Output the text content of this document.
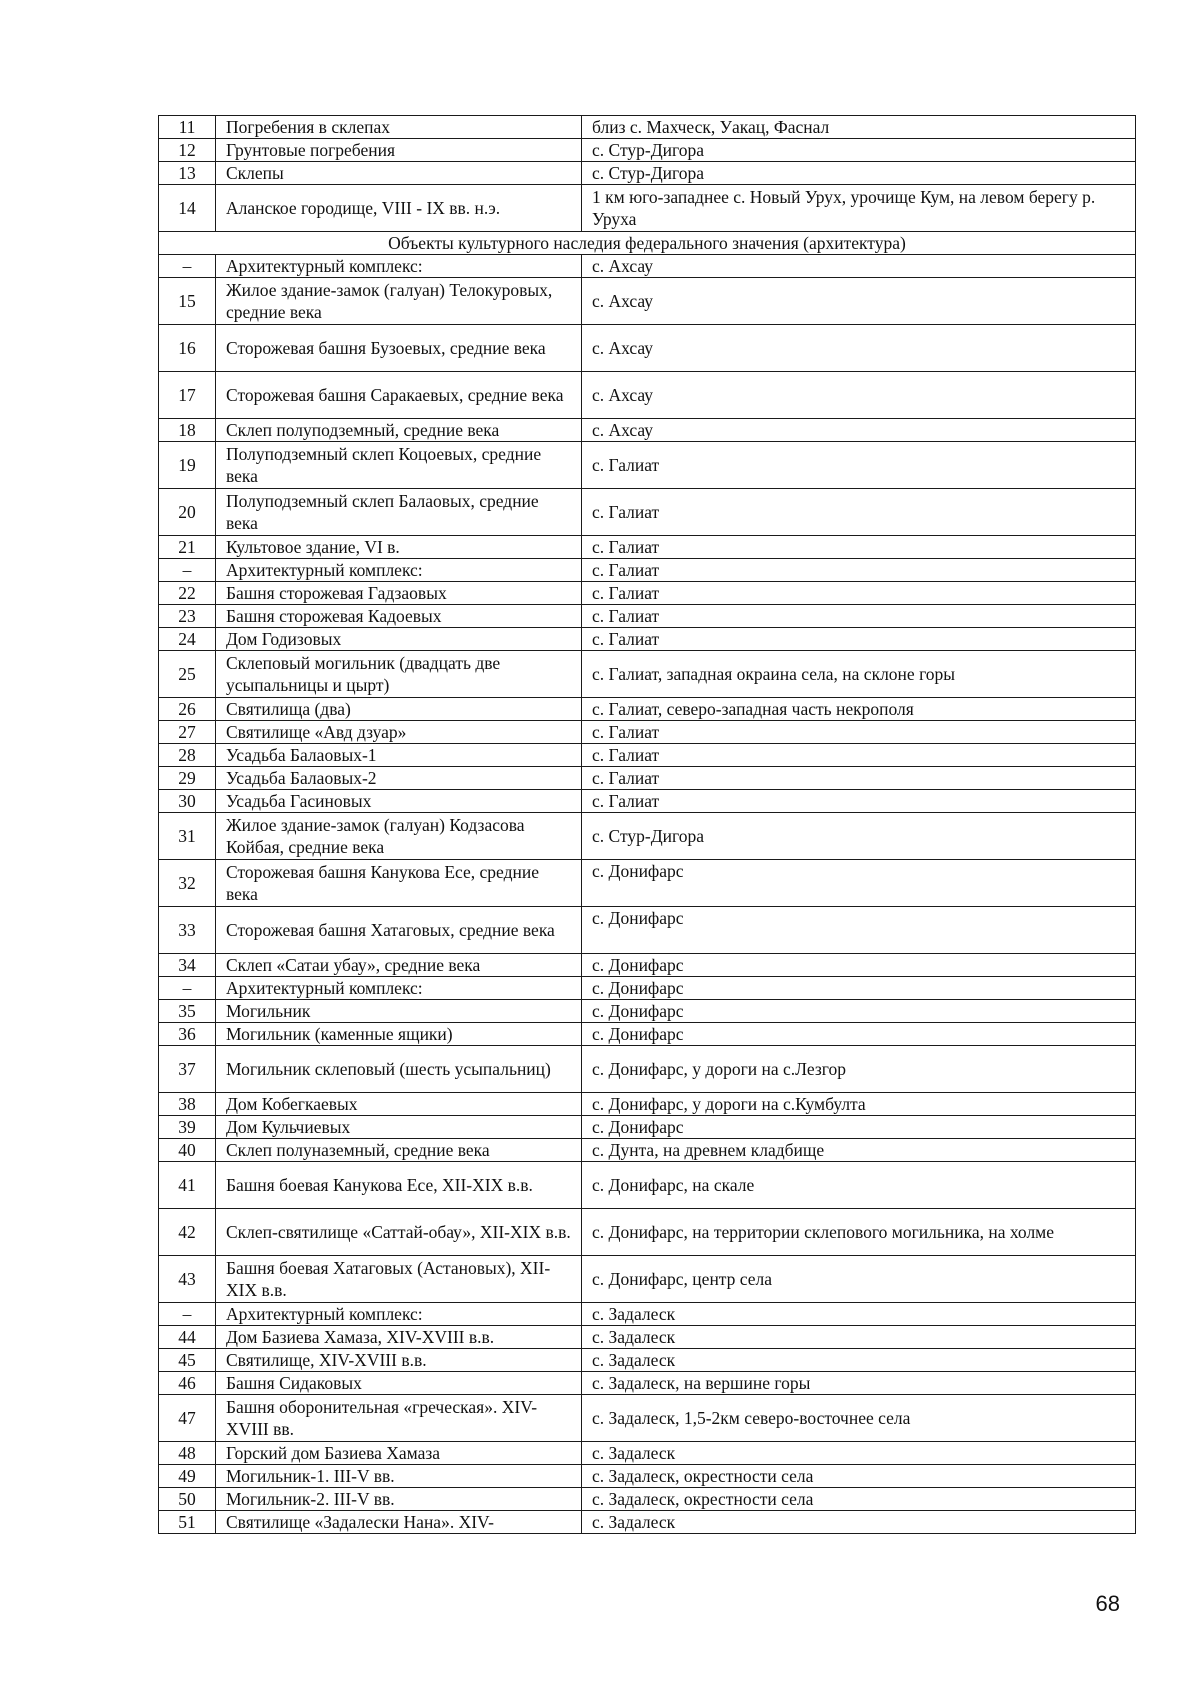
11	Погребения в склепах	близ с. Махческ, Уакац, Фаснал
12	Грунтовые погребения	с. Стур-Дигора
13	Склепы	с. Стур-Дигора
14	Аланское городище, VIII - IX вв. н.э.	1 км юго-западнее с. Новый Урух, урочище Кум, на левом берегу р. Уруха
Объекты культурного наследия федерального значения (архитектура)		
–	Архитектурный комплекс:	с. Ахсау
15	Жилое здание-замок (галуан) Телокуровых, средние века	с. Ахсау
16	Сторожевая башня Бузоевых, средние века	с. Ахсау
17	Сторожевая башня Саракаевых, средние века	с. Ахсау
18	Склеп полуподземный, средние века	с. Ахсау
19	Полуподземный склеп Коцоевых, средние века	с. Галиат
20	Полуподземный склеп Балаовых, средние века	с. Галиат
21	Культовое здание, VI в.	с. Галиат
–	Архитектурный комплекс:	с. Галиат
22	Башня сторожевая Гадзаовых	с. Галиат
23	Башня сторожевая Кадоевых	с. Галиат
24	Дом Годизовых	с. Галиат
25	Склеповый могильник (двадцать две усыпальницы и цырт)	с. Галиат, западная окраина села, на склоне горы
26	Святилища (два)	с. Галиат, северо-западная часть некрополя
27	Святилище «Авд дзуар»	с. Галиат
28	Усадьба Балаовых-1	с. Галиат
29	Усадьба Балаовых-2	с. Галиат
30	Усадьба Гасиновых	с. Галиат
31	Жилое здание-замок (галуан) Кодзасова Койбая, средние века	с. Стур-Дигора
32	Сторожевая башня Канукова Есе, средние века	с. Донифарс
33	Сторожевая башня Хатаговых, средние века	с. Донифарс
34	Склеп «Сатаи убау», средние века	с. Донифарс
–	Архитектурный комплекс:	с. Донифарс
35	Могильник	с. Донифарс
36	Могильник (каменные ящики)	с. Донифарс
37	Могильник склеповый (шесть усыпальниц)	с. Донифарс, у дороги на с.Лезгор
38	Дом Кобегкаевых	с. Донифарс, у дороги на с.Кумбулта
39	Дом Кульчиевых	с. Донифарс
40	Склеп полуназемный, средние века	с. Дунта, на древнем кладбище
41	Башня боевая Канукова Есе, XII-XIX в.в.	с. Донифарс, на скале
42	Склеп-святилище «Саттай-обау», XII-XIX в.в.	с. Донифарс, на территории склепового могильника, на холме
43	Башня боевая Хатаговых (Астановых), XII-XIX в.в.	с. Донифарс, центр села
–	Архитектурный комплекс:	с. Задалеск
44	Дом Базиева Хамаза, XIV-XVIII в.в.	с. Задалеск
45	Святилище, XIV-XVIII в.в.	с. Задалеск
46	Башня Сидаковых	с. Задалеск, на вершине горы
47	Башня оборонительная «греческая». XIV-XVIII вв.	с. Задалеск, 1,5-2км северо-восточнее села
48	Горский дом Базиева Хамаза	с. Задалеск
49	Могильник-1. III-V вв.	с. Задалеск, окрестности села
50	Могильник-2. III-V вв.	с. Задалеск, окрестности села
51	Святилище «Задалески Нана». XIV-	с. Задалеск
68
